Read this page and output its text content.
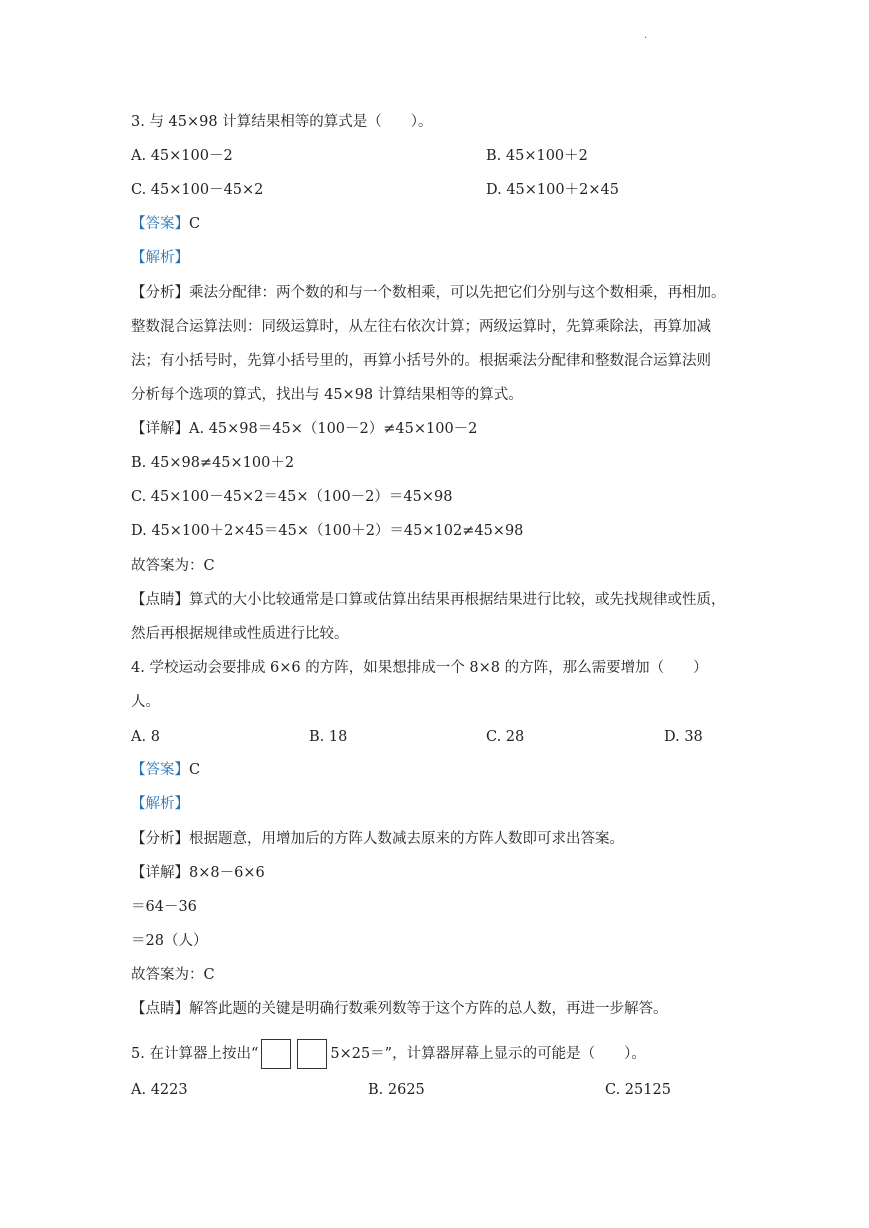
.
3. 与 45×98 计算结果相等的算式是（　　）。
A. 45×100－2	B. 45×100＋2
C. 45×100－45×2	D. 45×100＋2×45
【答案】C
【解析】
【分析】乘法分配律：两个数的和与一个数相乘，可以先把它们分别与这个数相乘，再相加。
整数混合运算法则：同级运算时，从左往右依次计算；两级运算时，先算乘除法，再算加减
法；有小括号时，先算小括号里的，再算小括号外的。根据乘法分配律和整数混合运算法则
分析每个选项的算式，找出与 45×98 计算结果相等的算式。
【详解】A. 45×98＝45×（100－2）≠45×100－2
B. 45×98≠45×100＋2
C. 45×100－45×2＝45×（100－2）＝45×98
D. 45×100＋2×45＝45×（100＋2）＝45×102≠45×98
故答案为：C
【点睛】算式的大小比较通常是口算或估算出结果再根据结果进行比较，或先找规律或性质，
然后再根据规律或性质进行比较。
4. 学校运动会要排成 6×6 的方阵，如果想排成一个 8×8 的方阵，那么需要增加（　　）
人。
A. 8	B. 18	C. 28	D. 38
【答案】C
【解析】
【分析】根据题意，用增加后的方阵人数减去原来的方阵人数即可求出答案。
【详解】8×8－6×6
＝64－36
＝28（人）
故答案为：C
【点睛】解答此题的关键是明确行数乘列数等于这个方阵的总人数，再进一步解答。
5. 在计算器上按出“	5×25＝”，计算器屏幕上显示的可能是（　　）。
A. 4223	B. 2625	C. 25125
